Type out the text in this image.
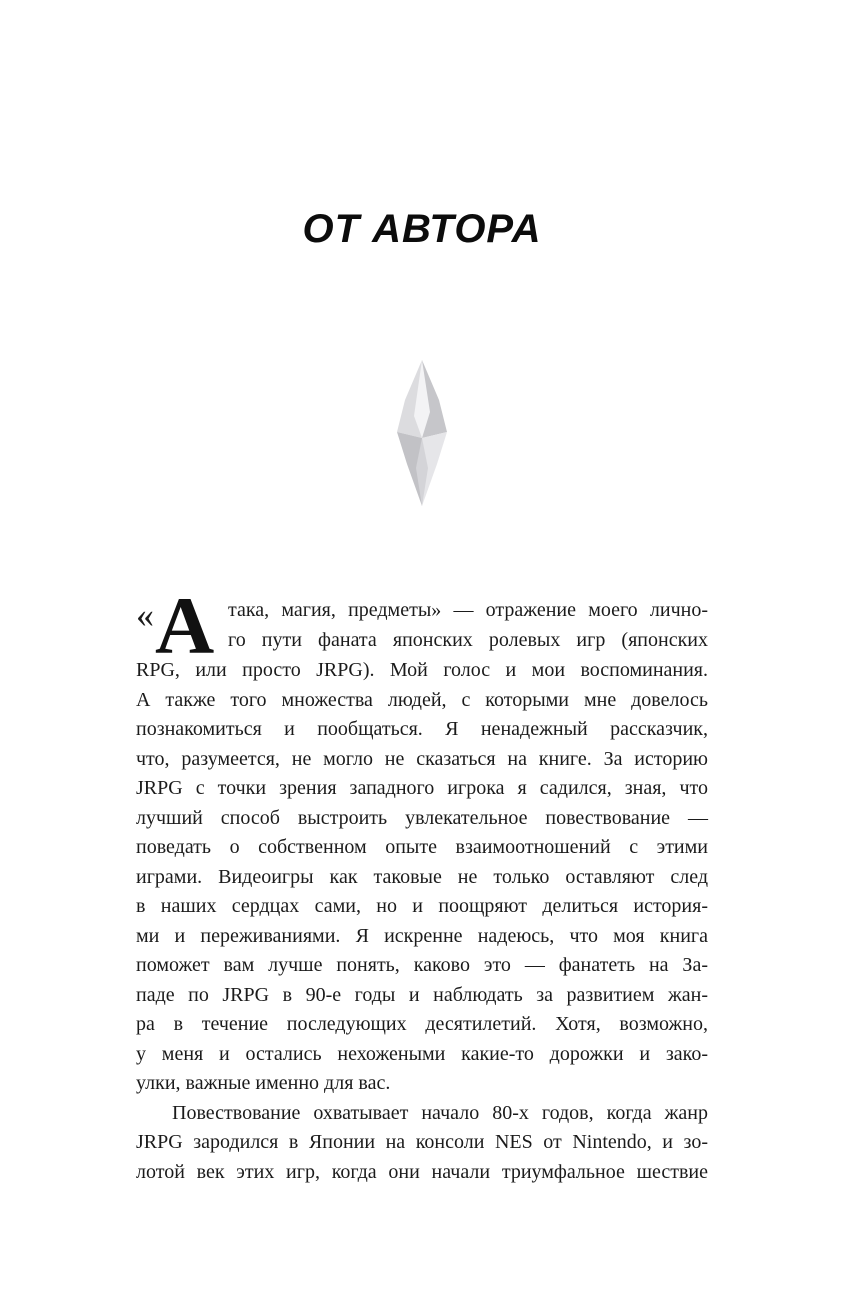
ОТ АВТОРА
« А така, магия, предметы» — отражение моего лично-
го пути фаната японских ролевых игр (японских
RPG, или просто JRPG). Мой голос и мои воспоминания.
А также того множества людей, с которыми мне довелось
познакомиться и пообщаться. Я ненадежный рассказчик,
что, разумеется, не могло не сказаться на книге. За историю
JRPG с точки зрения западного игрока я садился, зная, что
лучший способ выстроить увлекательное повествование —
поведать о собственном опыте взаимоотношений с этими
играми. Видеоигры как таковые не только оставляют след
в наших сердцах сами, но и поощряют делиться история-
ми и переживаниями. Я искренне надеюсь, что моя книга
поможет вам лучше понять, каково это — фанатеть на За-
паде по JRPG в 90-е годы и наблюдать за развитием жан-
ра в течение последующих десятилетий. Хотя, возможно,
у меня и остались нехожеными какие-то дорожки и зако-
улки, важные именно для вас.
Повествование охватывает начало 80-х годов, когда жанр
JRPG зародился в Японии на консоли NES от Nintendo, и зо-
лотой век этих игр, когда они начали триумфальное шествие
